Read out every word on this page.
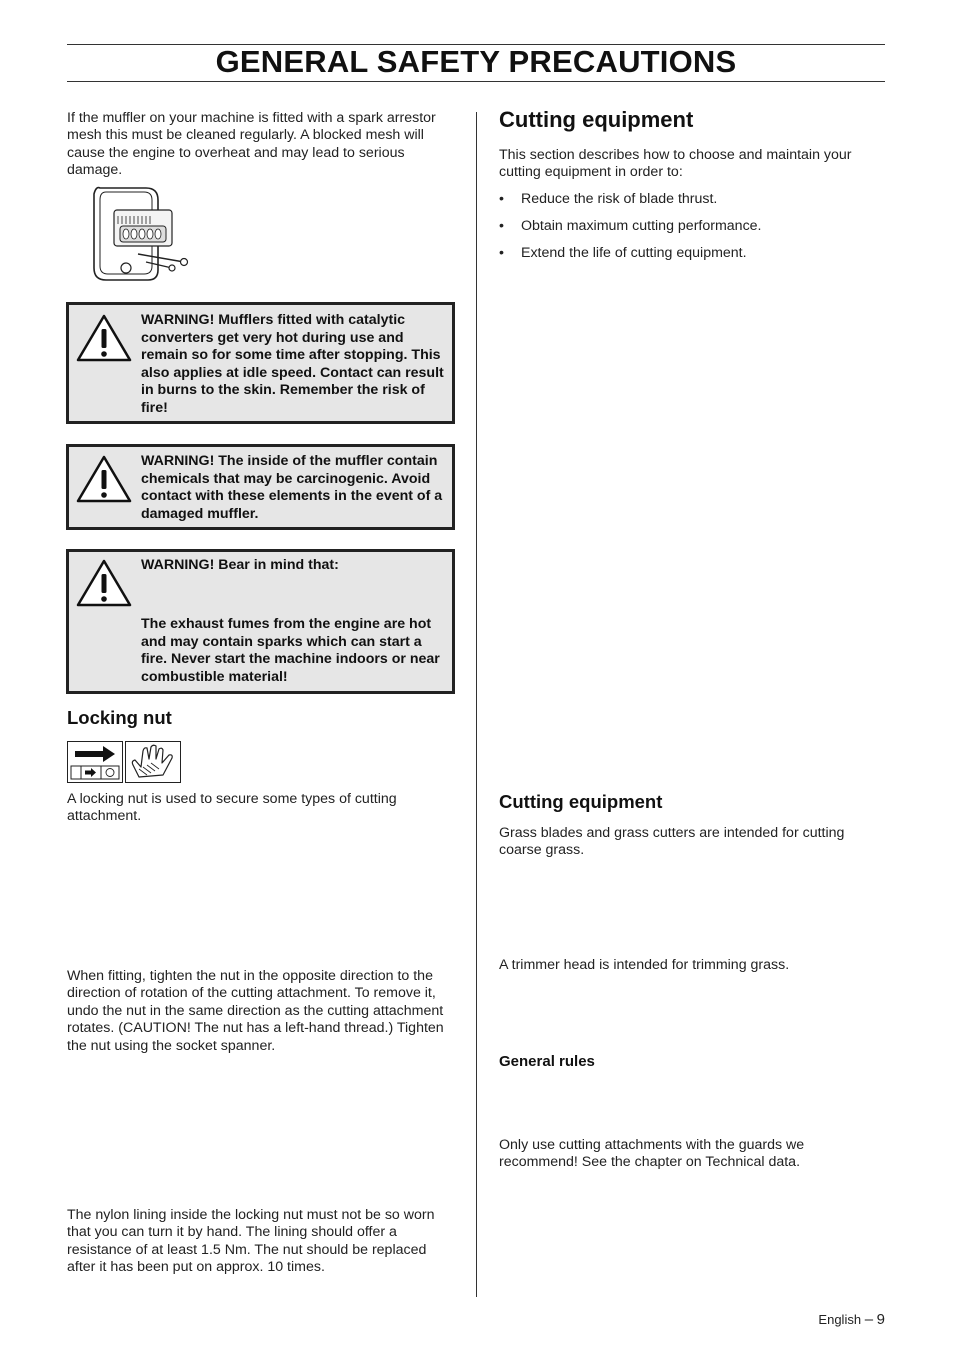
GENERAL SAFETY PRECAUTIONS
If the muffler on your machine is fitted with a spark arrestor mesh this must be cleaned regularly. A blocked mesh will cause the engine to overheat and may lead to serious damage.
WARNING! Mufflers fitted with catalytic converters get very hot during use and remain so for some time after stopping. This also applies at idle speed. Contact can result in burns to the skin. Remember the risk of fire!
WARNING! The inside of the muffler contain chemicals that may be carcinogenic. Avoid contact with these elements in the event of a damaged muffler.
WARNING! Bear in mind that:
The exhaust fumes from the engine are hot and may contain sparks which can start a fire. Never start the machine indoors or near combustible material!
Locking nut
A locking nut is used to secure some types of cutting attachment.
When fitting, tighten the nut in the opposite direction to the direction of rotation of the cutting attachment. To remove it, undo the nut in the same direction as the cutting attachment rotates. (CAUTION! The nut has a left-hand thread.) Tighten the nut using the socket spanner.
The nylon lining inside the locking nut must not be so worn that you can turn it by hand. The lining should offer a resistance of at least 1.5 Nm. The nut should be replaced after it has been put on approx. 10 times.
Cutting equipment
This section describes how to choose and maintain your cutting equipment in order to:
• Reduce the risk of blade thrust.
• Obtain maximum cutting performance.
• Extend the life of cutting equipment.
Cutting equipment
Grass blades and grass cutters are intended for cutting coarse grass.
A trimmer head is intended for trimming grass.
General rules
Only use cutting attachments with the guards we recommend! See the chapter on Technical data.
English – 9
